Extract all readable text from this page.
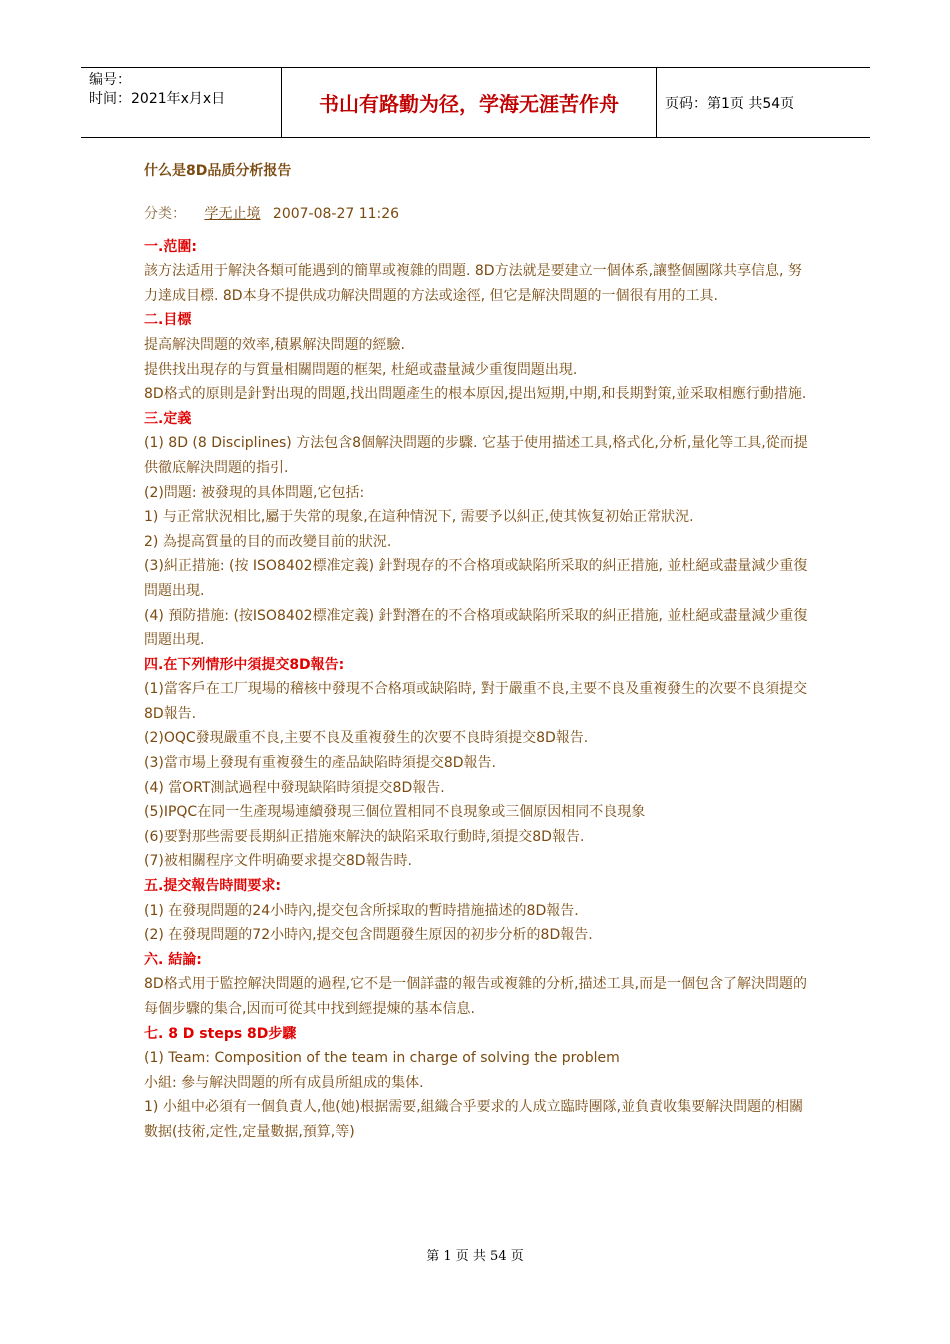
编号：
时间：2021年x月x日	书山有路勤为径，学海无涯苦作舟	页码：第1页 共54页
什么是8D品质分析报告
分类： 学无止境 2007-08-27 11:26
一.范圍:
該方法适用于解決各類可能遇到的簡單或複雜的問題. 8D方法就是要建立一個体系,讓整個團隊共享信息, 努力達成目標. 8D本身不提供成功解決問題的方法或途徑, 但它是解決問題的一個很有用的工具.
二.目標
提高解決問題的效率,積累解決問題的經驗.
提供找出現存的与質量相關問題的框架, 杜絕或盡量減少重復問題出現.
8D格式的原則是針對出現的問題,找出問題產生的根本原因,提出短期,中期,和長期對策,並采取相應行動措施.
三.定義
(1) 8D (8 Disciplines) 方法包含8個解決問題的步驟. 它基于使用描述工具,格式化,分析,量化等工具,從而提供徹底解決問題的指引.
(2)問題: 被發現的具体問題,它包括:
1) 与正常狀況相比,屬于失常的現象,在這种情況下, 需要予以糾正,使其恢复初始正常狀況.
2) 為提高質量的目的而改變目前的狀況.
(3)糾正措施: (按 ISO8402標准定義) 針對現存的不合格項或缺陷所采取的糾正措施, 並杜絕或盡量減少重復問題出現.
(4) 預防措施: (按ISO8402標准定義) 針對潛在的不合格項或缺陷所采取的糾正措施, 並杜絕或盡量減少重復問題出現.
四.在下列情形中須提交8D報告:
(1)當客戶在工厂現場的稽核中發現不合格項或缺陷時, 對于嚴重不良,主要不良及重複發生的次要不良須提交8D報告.
(2)OQC發現嚴重不良,主要不良及重複發生的次要不良時須提交8D報告.
(3)當市場上發現有重複發生的產品缺陷時須提交8D報告.
(4) 當ORT測試過程中發現缺陷時須提交8D報告.
(5)IPQC在同一生產現場連續發現三個位置相同不良現象或三個原因相同不良現象
(6)要對那些需要長期糾正措施來解決的缺陷采取行動時,須提交8D報告.
(7)被相關程序文件明确要求提交8D報告時.
五.提交報告時間要求:
(1) 在發現問題的24小時內,提交包含所採取的暫時措施描述的8D報告.
(2) 在發現問題的72小時內,提交包含問題發生原因的初步分析的8D報告.
六. 結論:
8D格式用于監控解決問題的過程,它不是一個詳盡的報告或複雜的分析,描述工具,而是一個包含了解決問題的每個步驟的集合,因而可從其中找到經提煉的基本信息.
七. 8 D steps 8D步驟
(1) Team: Composition of the team in charge of solving the problem
小組: 參与解決問題的所有成員所組成的集体.
1) 小組中必須有一個負責人,他(她)根据需要,組織合乎要求的人成立臨時團隊,並負責收集要解決問題的相關數据(技術,定性,定量數据,預算,等)
第 1 页 共 54 页
